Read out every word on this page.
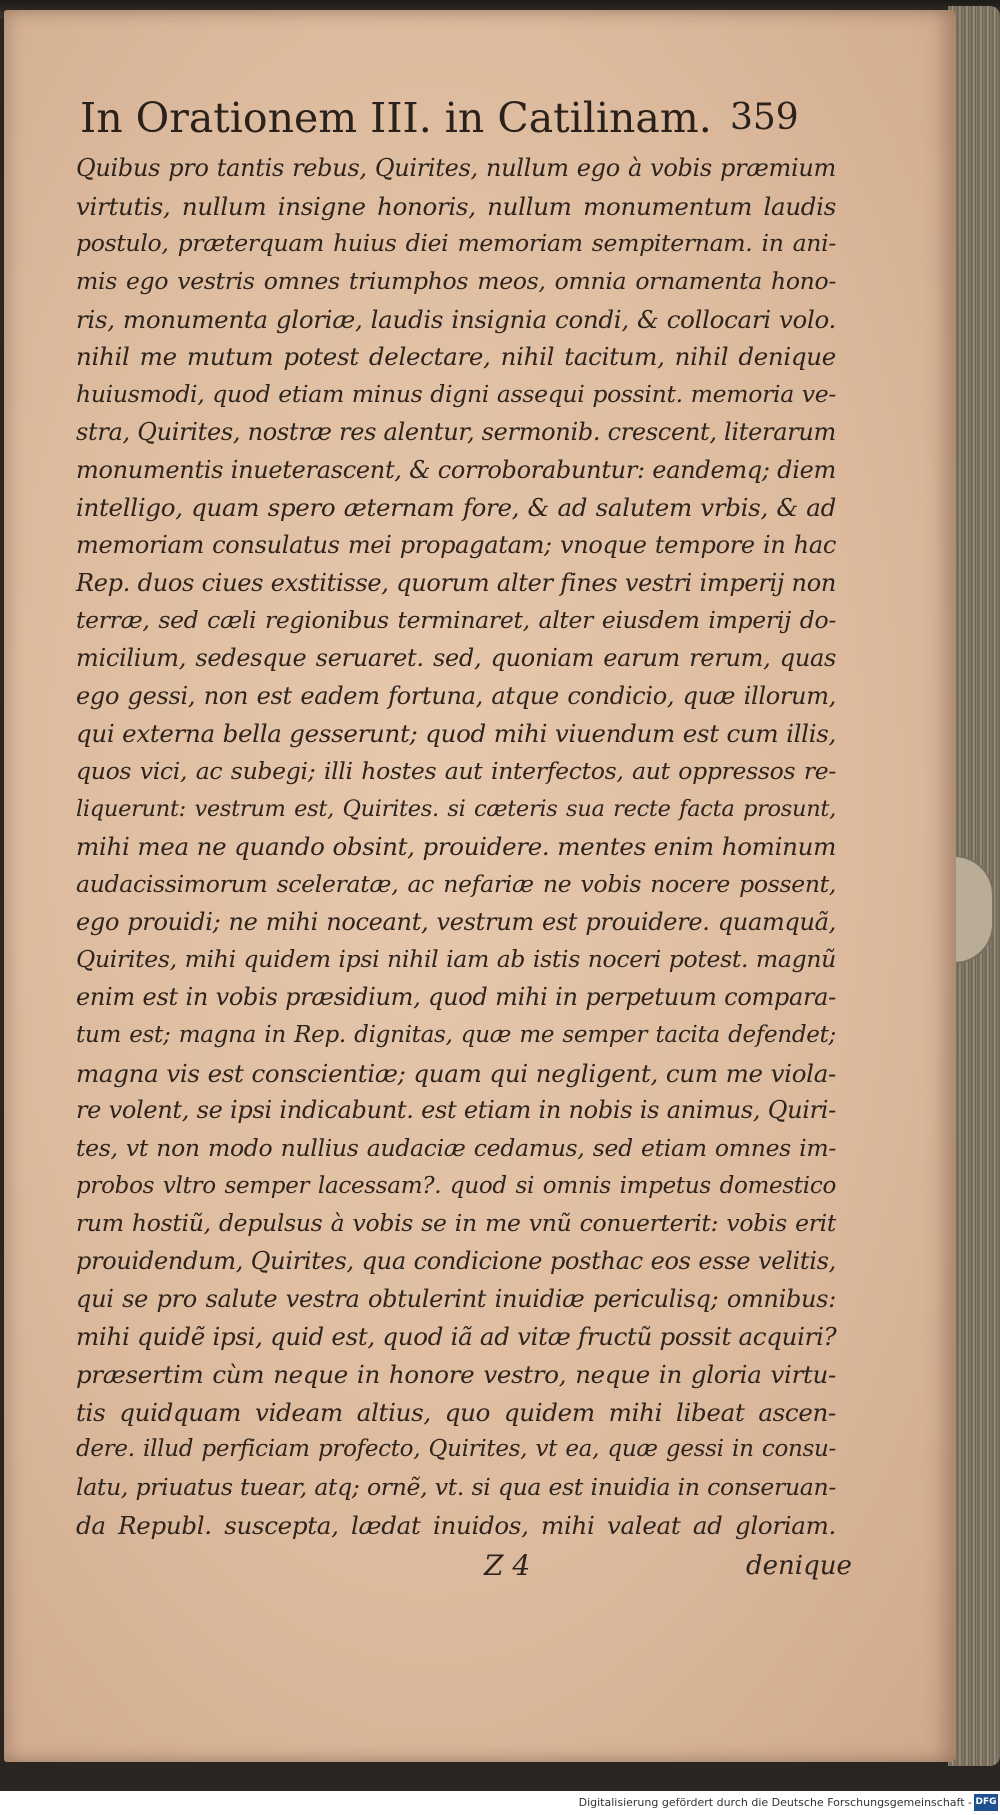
In Orationem III. in Catilinam. 359
Quibus pro tantis rebus, Quirites, nullum ego à vobis præmium
virtutis, nullum insigne honoris, nullum monumentum laudis
postulo, præterquam huius diei memoriam sempiternam. in ani-
mis ego vestris omnes triumphos meos, omnia ornamenta hono-
ris, monumenta gloriæ, laudis insignia condi, & collocari volo.
nihil me mutum potest delectare, nihil tacitum, nihil denique
huiusmodi, quod etiam minus digni assequi possint. memoria ve-
stra, Quirites, nostræ res alentur, sermonib. crescent, literarum
monumentis inueterascent, & corroborabuntur: eandemq; diem
intelligo, quam spero æternam fore, & ad salutem vrbis, & ad
memoriam consulatus mei propagatam; vnoque tempore in hac
Rep. duos ciues exstitisse, quorum alter fines vestri imperij non
terræ, sed cæli regionibus terminaret, alter eiusdem imperij do-
micilium, sedesque seruaret. sed, quoniam earum rerum, quas
ego gessi, non est eadem fortuna, atque condicio, quæ illorum,
qui externa bella gesserunt; quod mihi viuendum est cum illis,
quos vici, ac subegi; illi hostes aut interfectos, aut oppressos re-
liquerunt: vestrum est, Quirites. si cæteris sua recte facta prosunt,
mihi mea ne quando obsint, prouidere. mentes enim hominum
audacissimorum sceleratæ, ac nefariæ ne vobis nocere possent,
ego prouidi; ne mihi noceant, vestrum est prouidere. quamquã,
Quirites, mihi quidem ipsi nihil iam ab istis noceri potest. magnũ
enim est in vobis præsidium, quod mihi in perpetuum compara-
tum est; magna in Rep. dignitas, quæ me semper tacita defendet;
magna vis est conscientiæ; quam qui negligent, cum me viola-
re volent, se ipsi indicabunt. est etiam in nobis is animus, Quiri-
tes, vt non modo nullius audaciæ cedamus, sed etiam omnes im-
probos vltro semper lacessam?. quod si omnis impetus domestico
rum hostiũ, depulsus à vobis se in me vnũ conuerterit: vobis erit
prouidendum, Quirites, qua condicione posthac eos esse velitis,
qui se pro salute vestra obtulerint inuidiæ periculisq; omnibus:
mihi quidẽ ipsi, quid est, quod iã ad vitæ fructũ possit acquiri?
præsertim cùm neque in honore vestro, neque in gloria virtu-
tis quidquam videam altius, quo quidem mihi libeat ascen-
dere. illud perficiam profecto, Quirites, vt ea, quæ gessi in consu-
latu, priuatus tuear, atq; ornẽ, vt. si qua est inuidia in conseruan-
da Republ. suscepta, lædat inuidos, mihi valeat ad gloriam.
Z 4	denique
Digitalisierung gefördert durch die Deutsche Forschungsgemeinschaft - DFG
